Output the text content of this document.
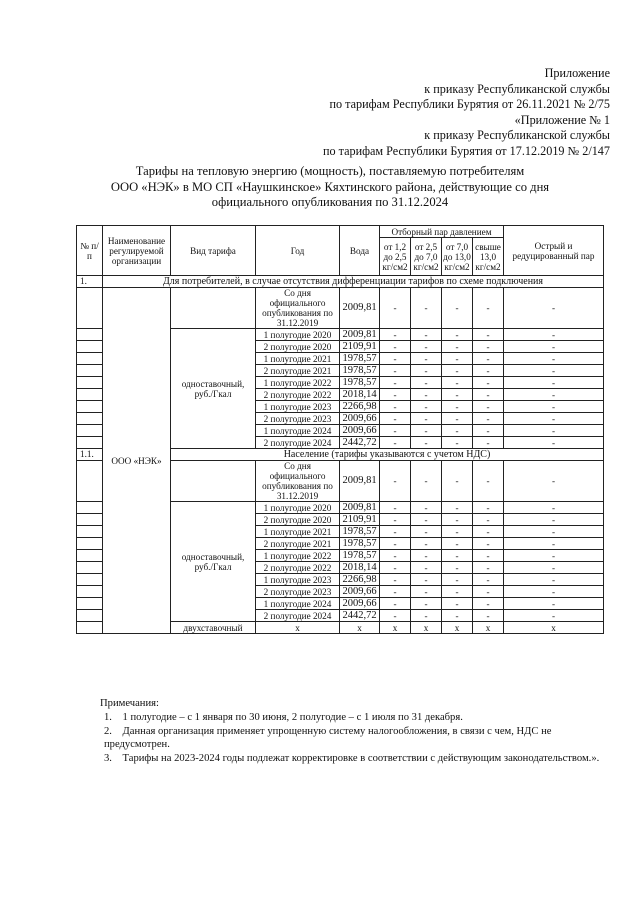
Приложение
к приказу Республиканской службы
по тарифам Республики Бурятия от 26.11.2021 № 2/75
«Приложение № 1
к приказу Республиканской службы
по тарифам Республики Бурятия от 17.12.2019 № 2/147
Тарифы на тепловую энергию (мощность), поставляемую потребителям
ООО «НЭК» в МО СП «Наушкинское» Кяхтинского района, действующие со дня
официального опубликования по 31.12.2024
№ п/п	Наименование регулируемой организации	Вид тарифа	Год	Вода	Отборный пар давлением				Острый и редуцированный пар
					от 1,2 до 2,5 кг/см2	от 2,5 до 7,0 кг/см2	от 7,0 до 13,0 кг/см2	свыше 13,0 кг/см2	
1.	Для потребителей, в случае отсутствия дифференциации тарифов по схеме подключения								
	ООО «НЭК»		Со дня официального опубликования по 31.12.2019	2009,81	-	-	-	-	-
		одноставочный, руб./Гкал	1 полугодие 2020	2009,81	-	-	-	-	-
			2 полугодие 2020	2109,91	-	-	-	-	-
			1 полугодие 2021	1978,57	-	-	-	-	-
			2 полугодие 2021	1978,57	-	-	-	-	-
			1 полугодие 2022	1978,57	-	-	-	-	-
			2 полугодие 2022	2018,14	-	-	-	-	-
			1 полугодие 2023	2266,98	-	-	-	-	-
			2 полугодие 2023	2009,66	-	-	-	-	-
			1 полугодие 2024	2009,66	-	-	-	-	-
			2 полугодие 2024	2442,72	-	-	-	-	-
1.1.		Население (тарифы указываются с учетом НДС)							
			Со дня официального опубликования по 31.12.2019	2009,81	-	-	-	-	-
		одноставочный, руб./Гкал	1 полугодие 2020	2009,81	-	-	-	-	-
			2 полугодие 2020	2109,91	-	-	-	-	-
			1 полугодие 2021	1978,57	-	-	-	-	-
			2 полугодие 2021	1978,57	-	-	-	-	-
			1 полугодие 2022	1978,57	-	-	-	-	-
			2 полугодие 2022	2018,14	-	-	-	-	-
			1 полугодие 2023	2266,98	-	-	-	-	-
			2 полугодие 2023	2009,66	-	-	-	-	-
			1 полугодие 2024	2009,66	-	-	-	-	-
			2 полугодие 2024	2442,72	-	-	-	-	-
		двухставочный	х	х	х	х	х	х	х
Примечания:
1. 1 полугодие – с 1 января по 30 июня, 2 полугодие – с 1 июля по 31 декабря.
2. Данная организация применяет упрощенную систему налогообложения, в связи с чем, НДС не предусмотрен.
3. Тарифы на 2023-2024 годы подлежат корректировке в соответствии с действующим законодательством.».
